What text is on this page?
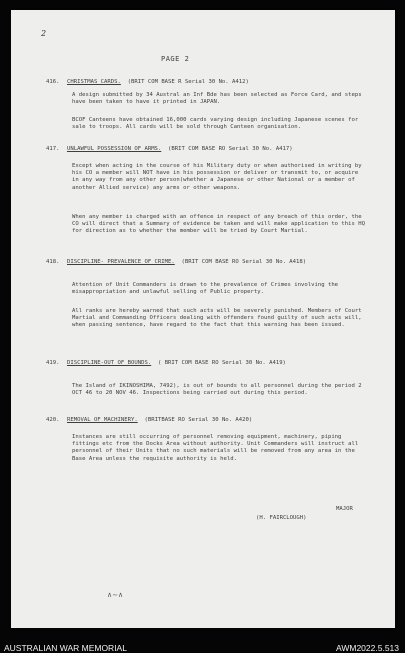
2
PAGE 2
416. CHRISTMAS CARDS. (BRIT COM BASE R Serial 30 No. A412)

A design submitted by 34 Austral an Inf Bde has been selected as Force Card, and steps have been taken to have it printed in JAPAN.

BCOF Canteens have obtained 16,000 cards varying design including Japanese scenes for sale to troops. All cards will be sold through Canteen organisation.

417. UNLAWFUL POSSESSION OF ARMS. (BRIT COM BASE RO Serial 30 No. A417)

Except when acting in the course of his Military duty or when authorised in writing by his CO a member will NOT have in his possession or deliver or transmit to, or acquire in any way from any other person(whether a Japanese or other National or a member of another Allied service) any arms or other weapons.

When any member is charged with an offence in respect of any breach of this order, the CO will direct that a Summary of evidence be taken and will make application to this HQ for direction as to whether the member will be tried by Court Martial.

418. DISCIPLINE- PREVALENCE OF CRIME. (BRIT COM BASE RO Serial 30 No. A418)

Attention of Unit Commanders is drawn to the prevalence of Crimes involving the misappropriation and unlawful selling of Public property.

All ranks are hereby warned that such acts will be severely punished. Members of Court Martial and Commanding Officers dealing with offenders found guilty of such acts will, when passing sentence, have regard to the fact that this warning has been issued.

419. DISCIPLINE-OUT OF BOUNDS. ( BRIT COM BASE RO Serial 30 No. A419)

The Island of IKINOSHIMA, 7492), is out of bounds to all personnel during the period 2 OCT 46 to 20 NOV 46. Inspections being carried out during this period.

420. REMOVAL OF MACHINERY. (BRITBASE RO Serial 30 No. A420)

Instances are still occurring of personnel removing equipment, machinery, piping fittings etc from the Docks Area without authority. Unit Commanders will instruct all personnel of their Units that no such materials will be removed from any area in the Base Area unless the requisite authority is held.

MAJOR
(H. FAIRCLOUGH)
∧∼∧
AUSTRALIAN WAR MEMORIAL	AWM2022.5.513
